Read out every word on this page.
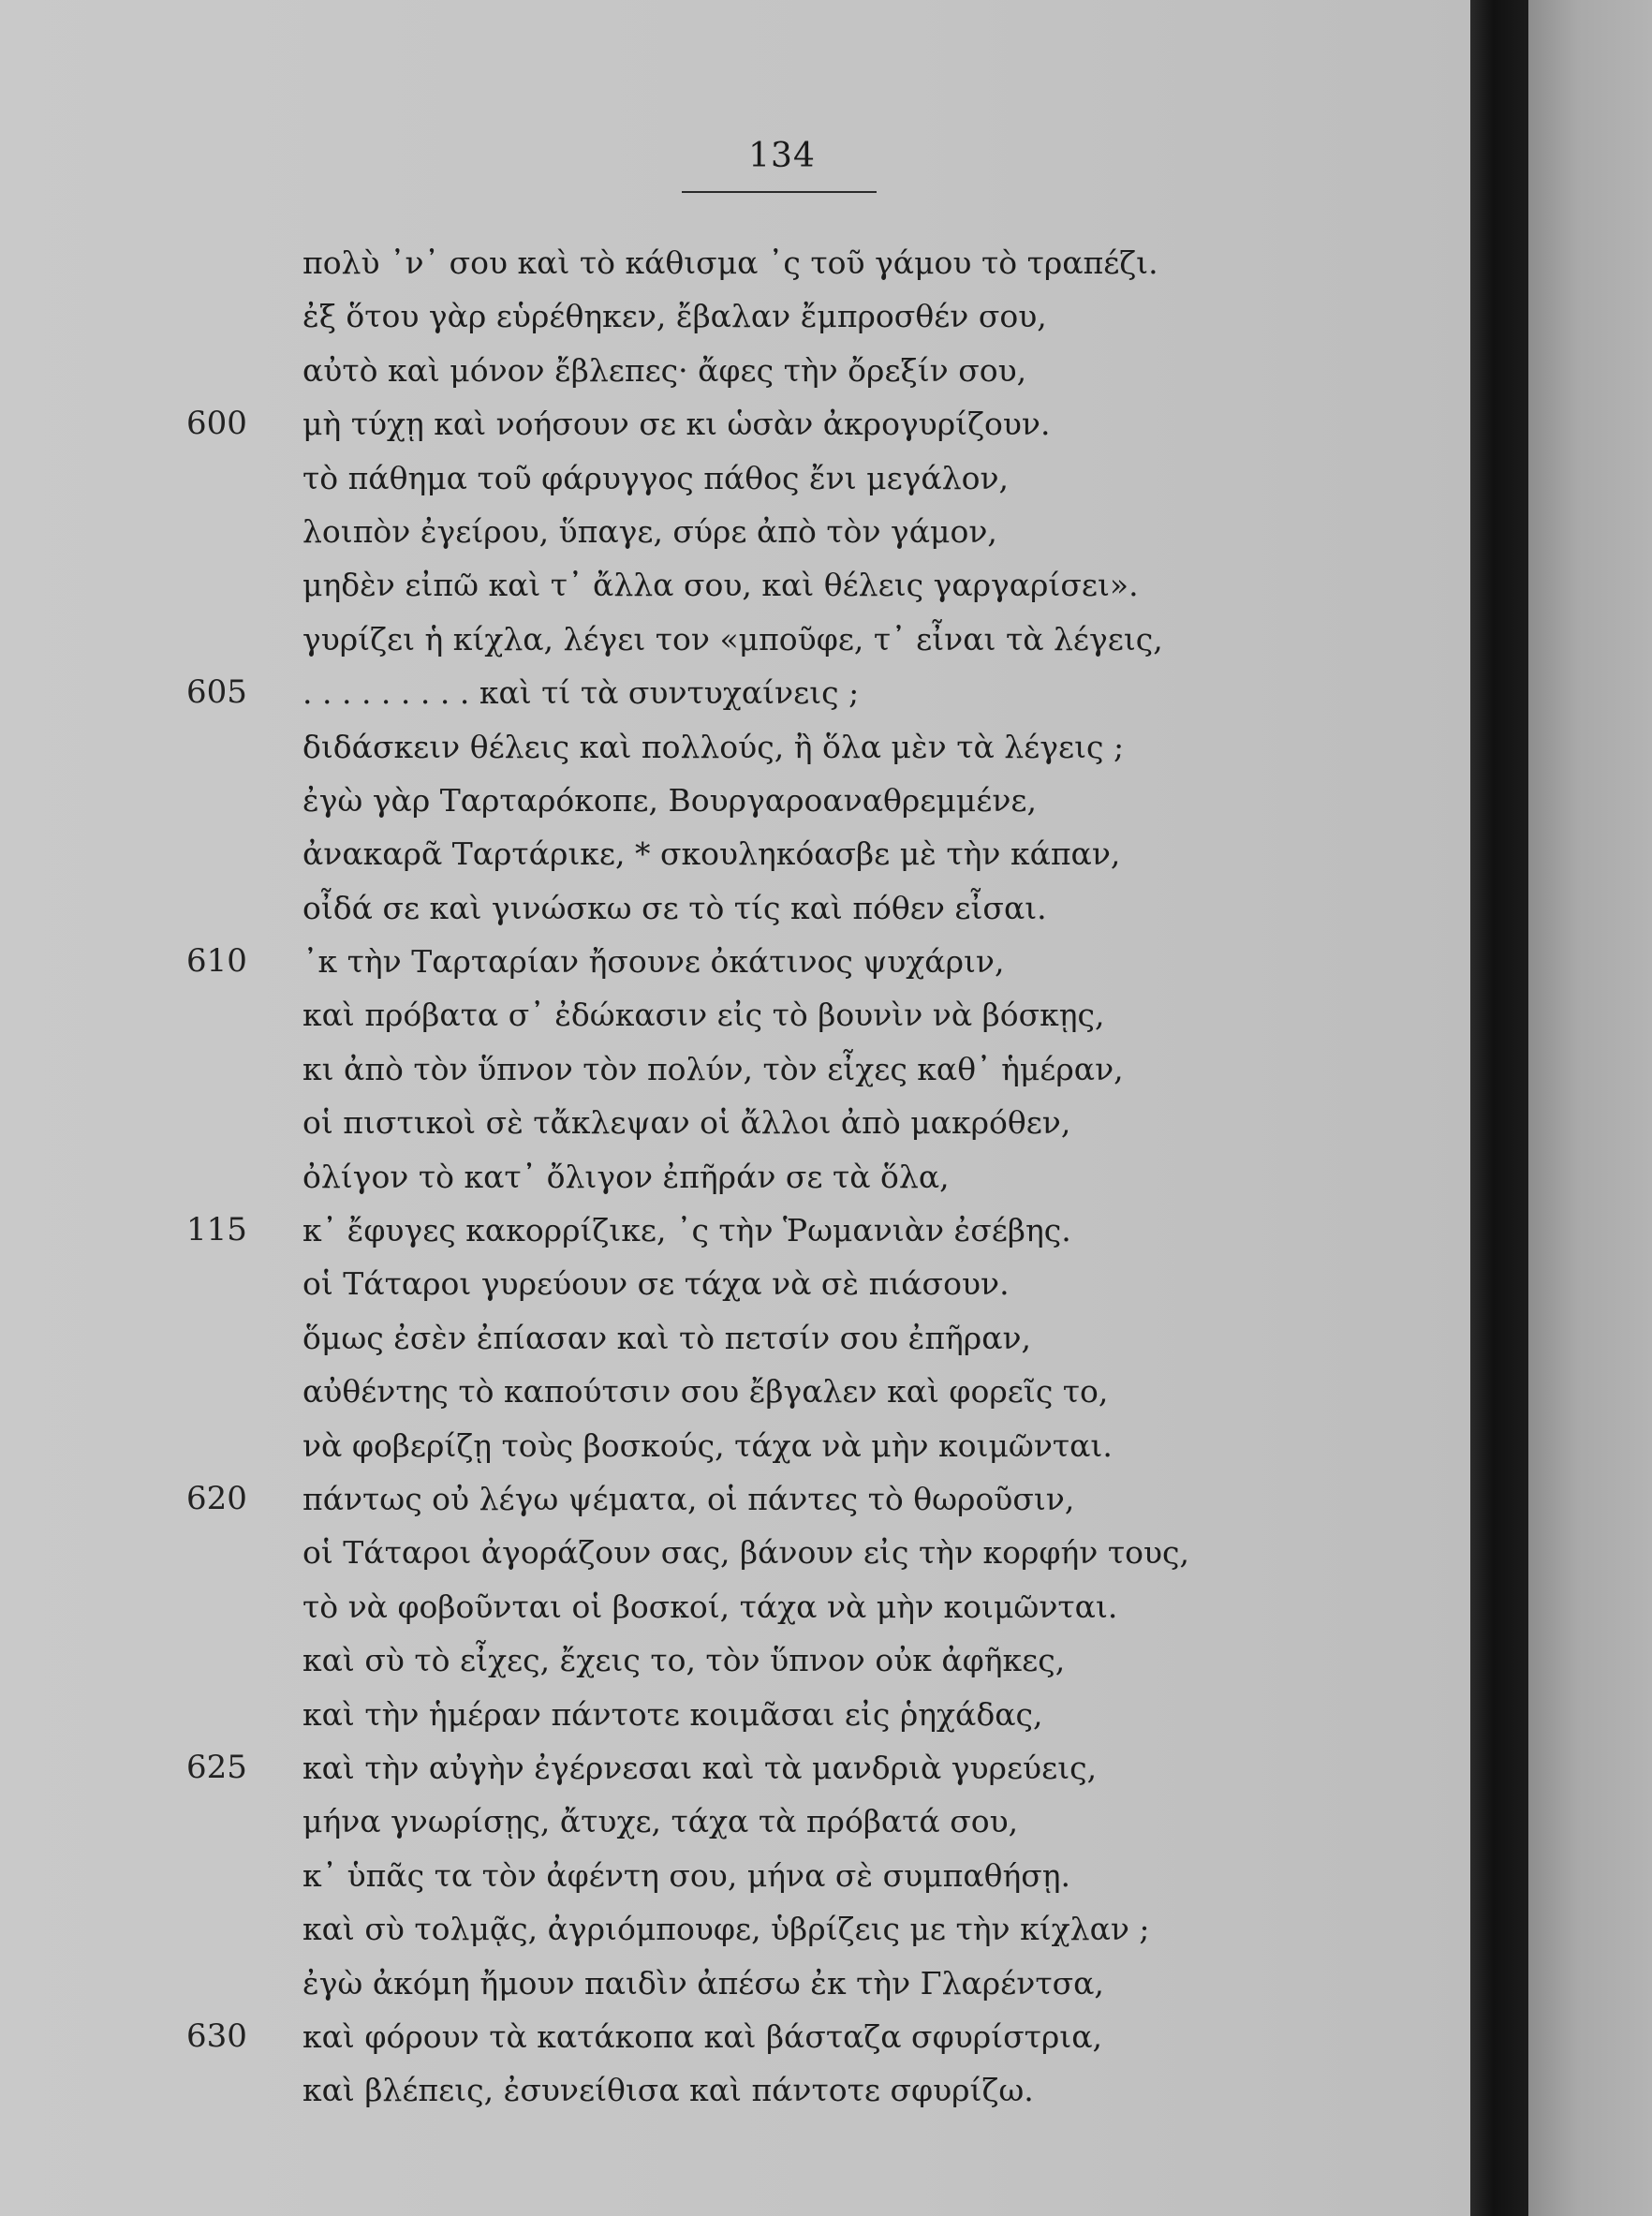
134
πολὺ ᾿ν᾿ σου καὶ τὸ κάθισμα ᾿ς τοῦ γάμου τὸ τραπέζι.
ἐξ ὅτου γὰρ εὑρέθηκεν, ἔβαλαν ἔμπροσθέν σου,
αὐτὸ καὶ μόνον ἔβλεπες· ἄφες τὴν ὄρεξίν σου,
600	μὴ τύχῃ καὶ νοήσουν σε κι ὡσὰν ἀκρογυρίζουν.
τὸ πάθημα τοῦ φάρυγγος πάθος ἔνι μεγάλον,
λοιπὸν ἐγείρου, ὕπαγε, σύρε ἀπὸ τὸν γάμον,
μηδὲν εἰπῶ καὶ τ᾿ ἄλλα σου, καὶ θέλεις γαργαρίσει».
γυρίζει ἡ κίχλα, λέγει τον «μποῦφε, τ᾿ εἶναι τὰ λέγεις,
605	. . . . . . . . . καὶ τί τὰ συντυχαίνεις ;
διδάσκειν θέλεις καὶ πολλούς, ἢ ὅλα μὲν τὰ λέγεις ;
ἐγὼ γὰρ Ταρταρόκοπε, Βουργαροαναθρεμμένε,
ἀνακαρᾶ Ταρτάρικε, * σκουληκόασβε μὲ τὴν κάπαν,
οἶδά σε καὶ γινώσκω σε τὸ τίς καὶ πόθεν εἶσαι.
610	᾿κ τὴν Ταρταρίαν ἤσουνε ὀκάτινος ψυχάριν,
καὶ πρόβατα σ᾿ ἐδώκασιν εἰς τὸ βουνὶν νὰ βόσκῃς,
κι ἀπὸ τὸν ὕπνον τὸν πολύν, τὸν εἶχες καθ᾿ ἡμέραν,
οἱ πιστικοὶ σὲ τἄκλεψαν οἱ ἄλλοι ἀπὸ μακρόθεν,
ὀλίγον τὸ κατ᾿ ὄλιγον ἐπῆράν σε τὰ ὅλα,
115	κ᾿ ἔφυγες κακορρίζικε, ᾿ς τὴν Ῥωμανιὰν ἐσέβης.
οἱ Τάταροι γυρεύουν σε τάχα νὰ σὲ πιάσουν.
ὅμως ἐσὲν ἐπίασαν καὶ τὸ πετσίν σου ἐπῆραν,
αὐθέντης τὸ καπούτσιν σου ἔβγαλεν καὶ φορεῖς το,
νὰ φοβερίζῃ τοὺς βοσκούς, τάχα νὰ μὴν κοιμῶνται.
620	πάντως οὐ λέγω ψέματα, οἱ πάντες τὸ θωροῦσιν,
οἱ Τάταροι ἀγοράζουν σας, βάνουν εἰς τὴν κορφήν τους,
τὸ νὰ φοβοῦνται οἱ βοσκοί, τάχα νὰ μὴν κοιμῶνται.
καὶ σὺ τὸ εἶχες, ἔχεις το, τὸν ὕπνον οὐκ ἀφῆκες,
καὶ τὴν ἡμέραν πάντοτε κοιμᾶσαι εἰς ῥηχάδας,
625	καὶ τὴν αὐγὴν ἐγέρνεσαι καὶ τὰ μανδριὰ γυρεύεις,
μήνα γνωρίσῃς, ἄτυχε, τάχα τὰ πρόβατά σου,
κ᾿ ὑπᾶς τα τὸν ἀφέντη σου, μήνα σὲ συμπαθήσῃ.
καὶ σὺ τολμᾷς, ἀγριόμπουφε, ὑβρίζεις με τὴν κίχλαν ;
ἐγὼ ἀκόμη ἤμουν παιδὶν ἀπέσω ἐκ τὴν Γλαρέντσα,
630	καὶ φόρουν τὰ κατάκοπα καὶ βάσταζα σφυρίστρια,
καὶ βλέπεις, ἐσυνείθισα καὶ πάντοτε σφυρίζω.
